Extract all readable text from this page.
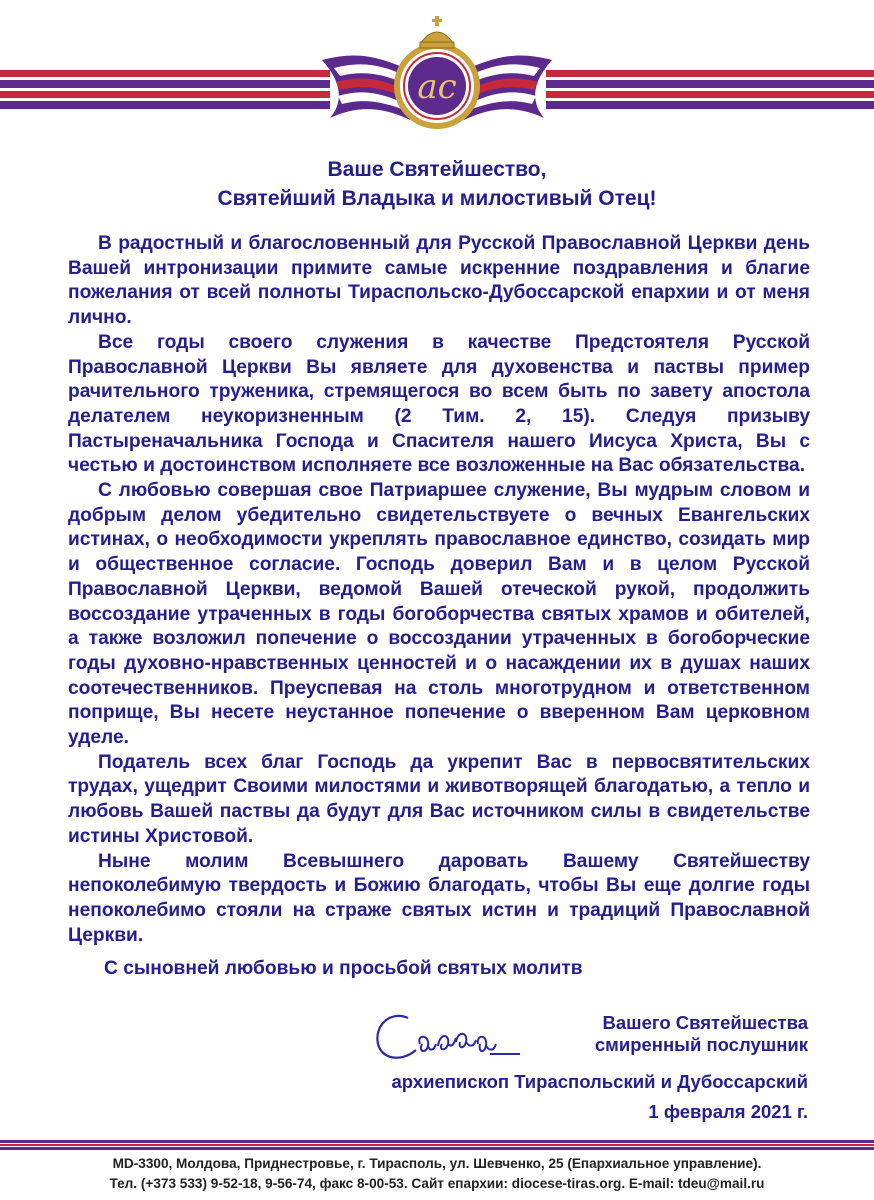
ac
Ваше Святейшество,
Святейший Владыка и милостивый Отец!

В радостный и благословенный для Русской Православной Церкви день Вашей интронизации примите самые искренние поздравления и благие пожелания от всей полноты Тираспольско-Дубоссарской епархии и от меня лично.

Все годы своего служения в качестве Предстоятеля Русской Православной Церкви Вы являете для духовенства и паствы пример рачительного труженика, стремящегося во всем быть по завету апостола делателем неукоризненным (2 Тим. 2, 15). Следуя призыву Пастыреначальника Господа и Спасителя нашего Иисуса Христа, Вы с честью и достоинством исполняете все возложенные на Вас обязательства.

С любовью совершая свое Патриаршее служение, Вы мудрым словом и добрым делом убедительно свидетельствуете о вечных Евангельских истинах, о необходимости укреплять православное единство, созидать мир и общественное согласие. Господь доверил Вам и в целом Русской Православной Церкви, ведомой Вашей отеческой рукой, продолжить воссоздание утраченных в годы богоборчества святых храмов и обителей, а также возложил попечение о воссоздании утраченных в богоборческие годы духовно-нравственных ценностей и о насаждении их в душах наших соотечественников. Преуспевая на столь многотрудном и ответственном поприще, Вы несете неустанное попечение о вверенном Вам церковном уделе.

Податель всех благ Господь да укрепит Вас в первосвятительских трудах, ущедрит Своими милостями и животворящей благодатью, а тепло и любовь Вашей паствы да будут для Вас источником силы в свидетельстве истины Христовой.

Ныне молим Всевышнего даровать Вашему Святейшеству непоколебимую твердость и Божию благодать, чтобы Вы еще долгие годы непоколебимо стояли на страже святых истин и традиций Православной Церкви.

С сыновней любовью и просьбой святых молитв
Вашего Святейшества
смиренный послушник
архиепископ Тираспольский и Дубоссарский
1 февраля 2021 г.
MD-3300, Молдова, Приднестровье, г. Тирасполь, ул. Шевченко, 25 (Епархиальное управление).
Тел. (+373 533) 9-52-18, 9-56-74, факс 8-00-53. Сайт епархии: diocese-tiras.org. E-mail: tdeu@mail.ru
